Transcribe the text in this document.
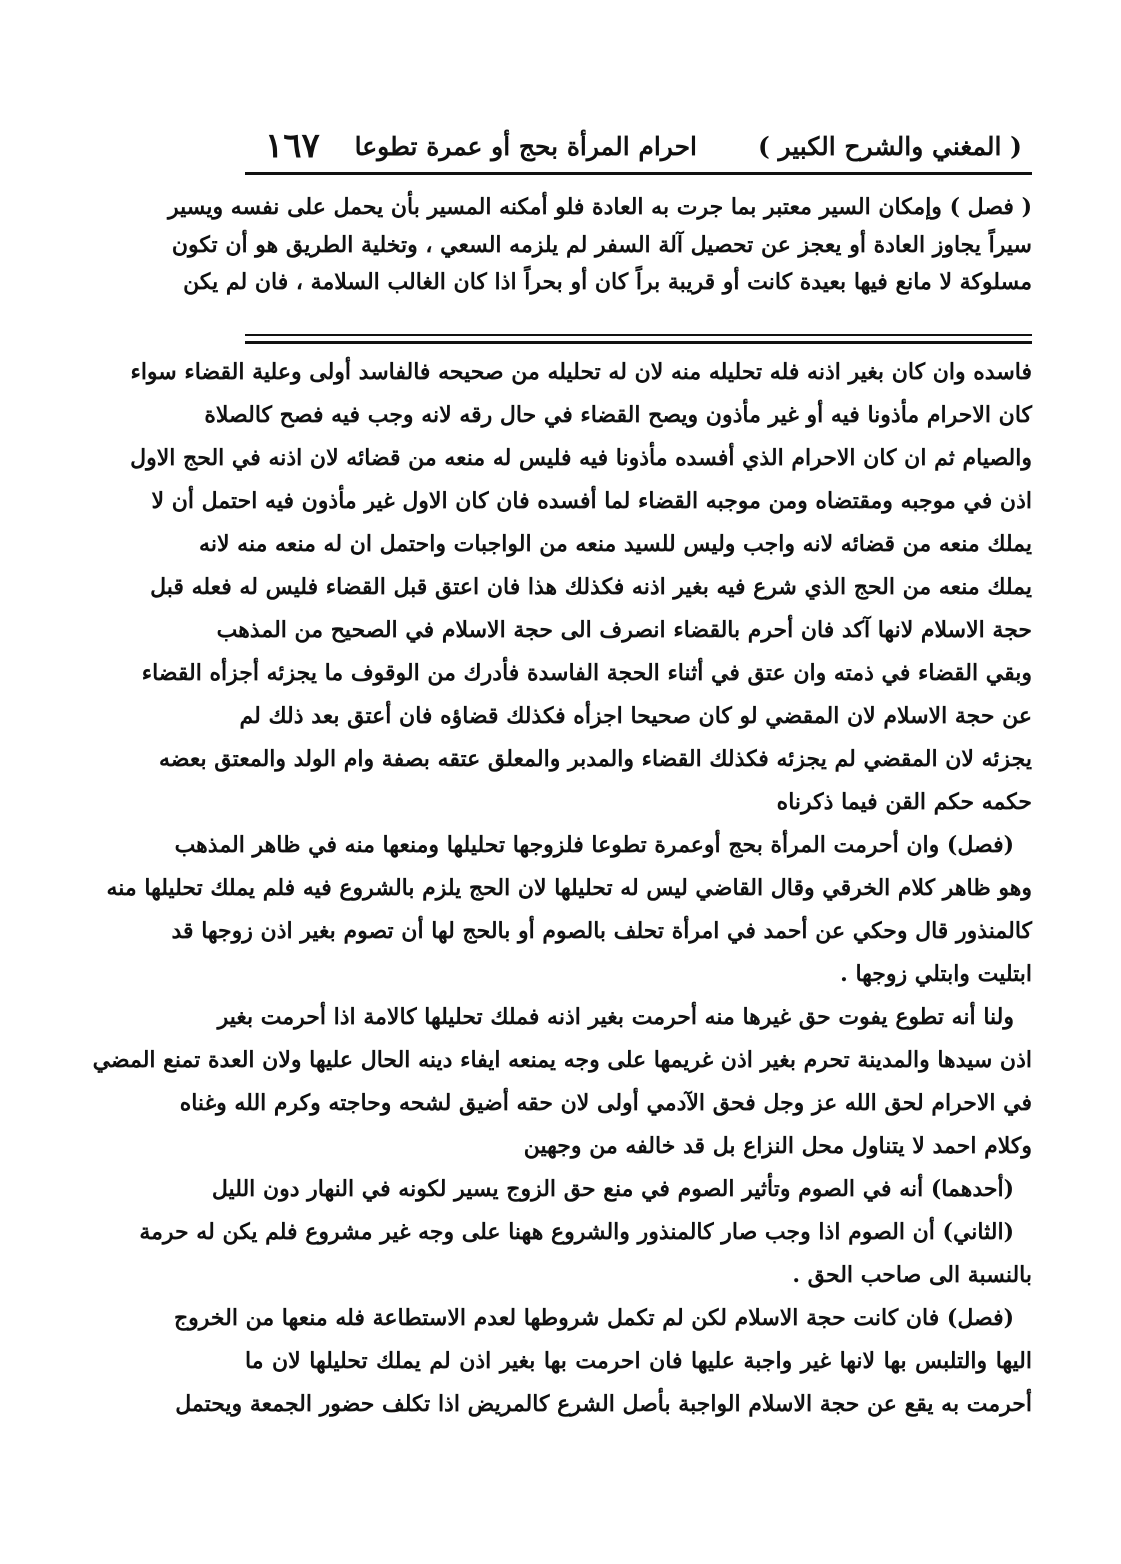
( المغني والشرح الكبير )
احرام المرأة بحج أو عمرة تطوعا
١٦٧
( فصل ) وإمكان السير معتبر بما جرت به العادة فلو أمكنه المسير بأن يحمل على نفسه ويسير
سيراً يجاوز العادة أو يعجز عن تحصيل آلة السفر لم يلزمه السعي ، وتخلية الطريق هو أن تكون
مسلوكة لا مانع فيها بعيدة كانت أو قريبة براً كان أو بحراً اذا كان الغالب السلامة ، فان لم يكن
فاسده وان كان بغير اذنه فله تحليله منه لان له تحليله من صحيحه فالفاسد أولى وعلية القضاء سواء
كان الاحرام مأذونا فيه أو غير مأذون ويصح القضاء في حال رقه لانه وجب فيه فصح كالصلاة
والصيام ثم ان كان الاحرام الذي أفسده مأذونا فيه فليس له منعه من قضائه لان اذنه في الحج الاول
اذن في موجبه ومقتضاه ومن موجبه القضاء لما أفسده فان كان الاول غير مأذون فيه احتمل أن لا
يملك منعه من قضائه لانه واجب وليس للسيد منعه من الواجبات واحتمل ان له منعه منه لانه
يملك منعه من الحج الذي شرع فيه بغير اذنه فكذلك هذا فان اعتق قبل القضاء فليس له فعله قبل
حجة الاسلام لانها آكد فان أحرم بالقضاء انصرف الى حجة الاسلام في الصحيح من المذهب
وبقي القضاء في ذمته وان عتق في أثناء الحجة الفاسدة فأدرك من الوقوف ما يجزئه أجزأه القضاء
عن حجة الاسلام لان المقضي لو كان صحيحا اجزأه فكذلك قضاؤه فان أعتق بعد ذلك لم
يجزئه لان المقضي لم يجزئه فكذلك القضاء والمدبر والمعلق عتقه بصفة وام الولد والمعتق بعضه
حكمه حكم القن فيما ذكرناه
(فصل) وان أحرمت المرأة بحج أوعمرة تطوعا فلزوجها تحليلها ومنعها منه في ظاهر المذهب
وهو ظاهر كلام الخرقي وقال القاضي ليس له تحليلها لان الحج يلزم بالشروع فيه فلم يملك تحليلها منه
كالمنذور قال وحكي عن أحمد في امرأة تحلف بالصوم أو بالحج لها أن تصوم بغير اذن زوجها قد
ابتليت وابتلي زوجها .
ولنا أنه تطوع يفوت حق غيرها منه أحرمت بغير اذنه فملك تحليلها كالامة اذا أحرمت بغير
اذن سيدها والمدينة تحرم بغير اذن غريمها على وجه يمنعه ايفاء دينه الحال عليها ولان العدة تمنع المضي
في الاحرام لحق الله عز وجل فحق الآدمي أولى لان حقه أضيق لشحه وحاجته وكرم الله وغناه
وكلام احمد لا يتناول محل النزاع بل قد خالفه من وجهين
(أحدهما) أنه في الصوم وتأثير الصوم في منع حق الزوج يسير لكونه في النهار دون الليل
(الثاني) أن الصوم اذا وجب صار كالمنذور والشروع ههنا على وجه غير مشروع فلم يكن له حرمة
بالنسبة الى صاحب الحق .
(فصل) فان كانت حجة الاسلام لكن لم تكمل شروطها لعدم الاستطاعة فله منعها من الخروج
اليها والتلبس بها لانها غير واجبة عليها فان احرمت بها بغير اذن لم يملك تحليلها لان ما
أحرمت به يقع عن حجة الاسلام الواجبة بأصل الشرع كالمريض اذا تكلف حضور الجمعة ويحتمل
